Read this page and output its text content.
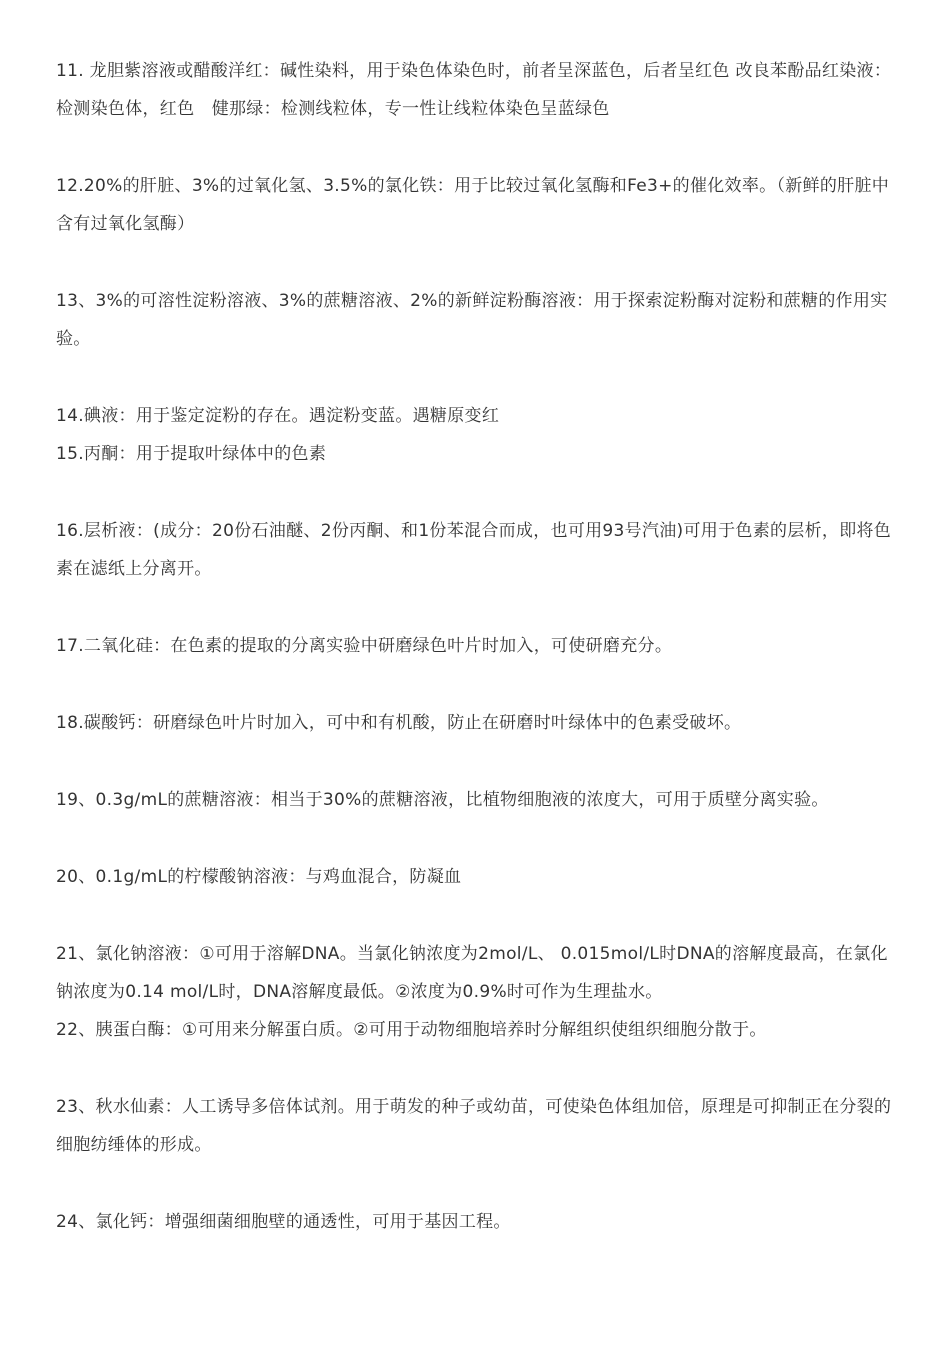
11. 龙胆紫溶液或醋酸洋红：碱性染料，用于染色体染色时，前者呈深蓝色，后者呈红色 改良苯酚品红染液：检测染色体，红色　健那绿：检测线粒体，专一性让线粒体染色呈蓝绿色

12.20%的肝脏、3%的过氧化氢、3.5%的氯化铁：用于比较过氧化氢酶和Fe3+的催化效率。（新鲜的肝脏中含有过氧化氢酶）

13、3%的可溶性淀粉溶液、3%的蔗糖溶液、2%的新鲜淀粉酶溶液：用于探索淀粉酶对淀粉和蔗糖的作用实验。

14.碘液：用于鉴定淀粉的存在。遇淀粉变蓝。遇糖原变红

15.丙酮：用于提取叶绿体中的色素

16.层析液：(成分：20份石油醚、2份丙酮、和1份苯混合而成，也可用93号汽油)可用于色素的层析，即将色素在滤纸上分离开。

17.二氧化硅：在色素的提取的分离实验中研磨绿色叶片时加入，可使研磨充分。

18.碳酸钙：研磨绿色叶片时加入，可中和有机酸，防止在研磨时叶绿体中的色素受破坏。

19、0.3g/mL的蔗糖溶液：相当于30%的蔗糖溶液，比植物细胞液的浓度大，可用于质壁分离实验。

20、0.1g/mL的柠檬酸钠溶液：与鸡血混合，防凝血

21、氯化钠溶液：①可用于溶解DNA。当氯化钠浓度为2mol/L、 0.015mol/L时DNA的溶解度最高，在氯化钠浓度为0.14 mol/L时，DNA溶解度最低。②浓度为0.9%时可作为生理盐水。

22、胰蛋白酶：①可用来分解蛋白质。②可用于动物细胞培养时分解组织使组织细胞分散于。

23、秋水仙素：人工诱导多倍体试剂。用于萌发的种子或幼苗，可使染色体组加倍，原理是可抑制正在分裂的细胞纺缍体的形成。

24、氯化钙：增强细菌细胞壁的通透性，可用于基因工程。
